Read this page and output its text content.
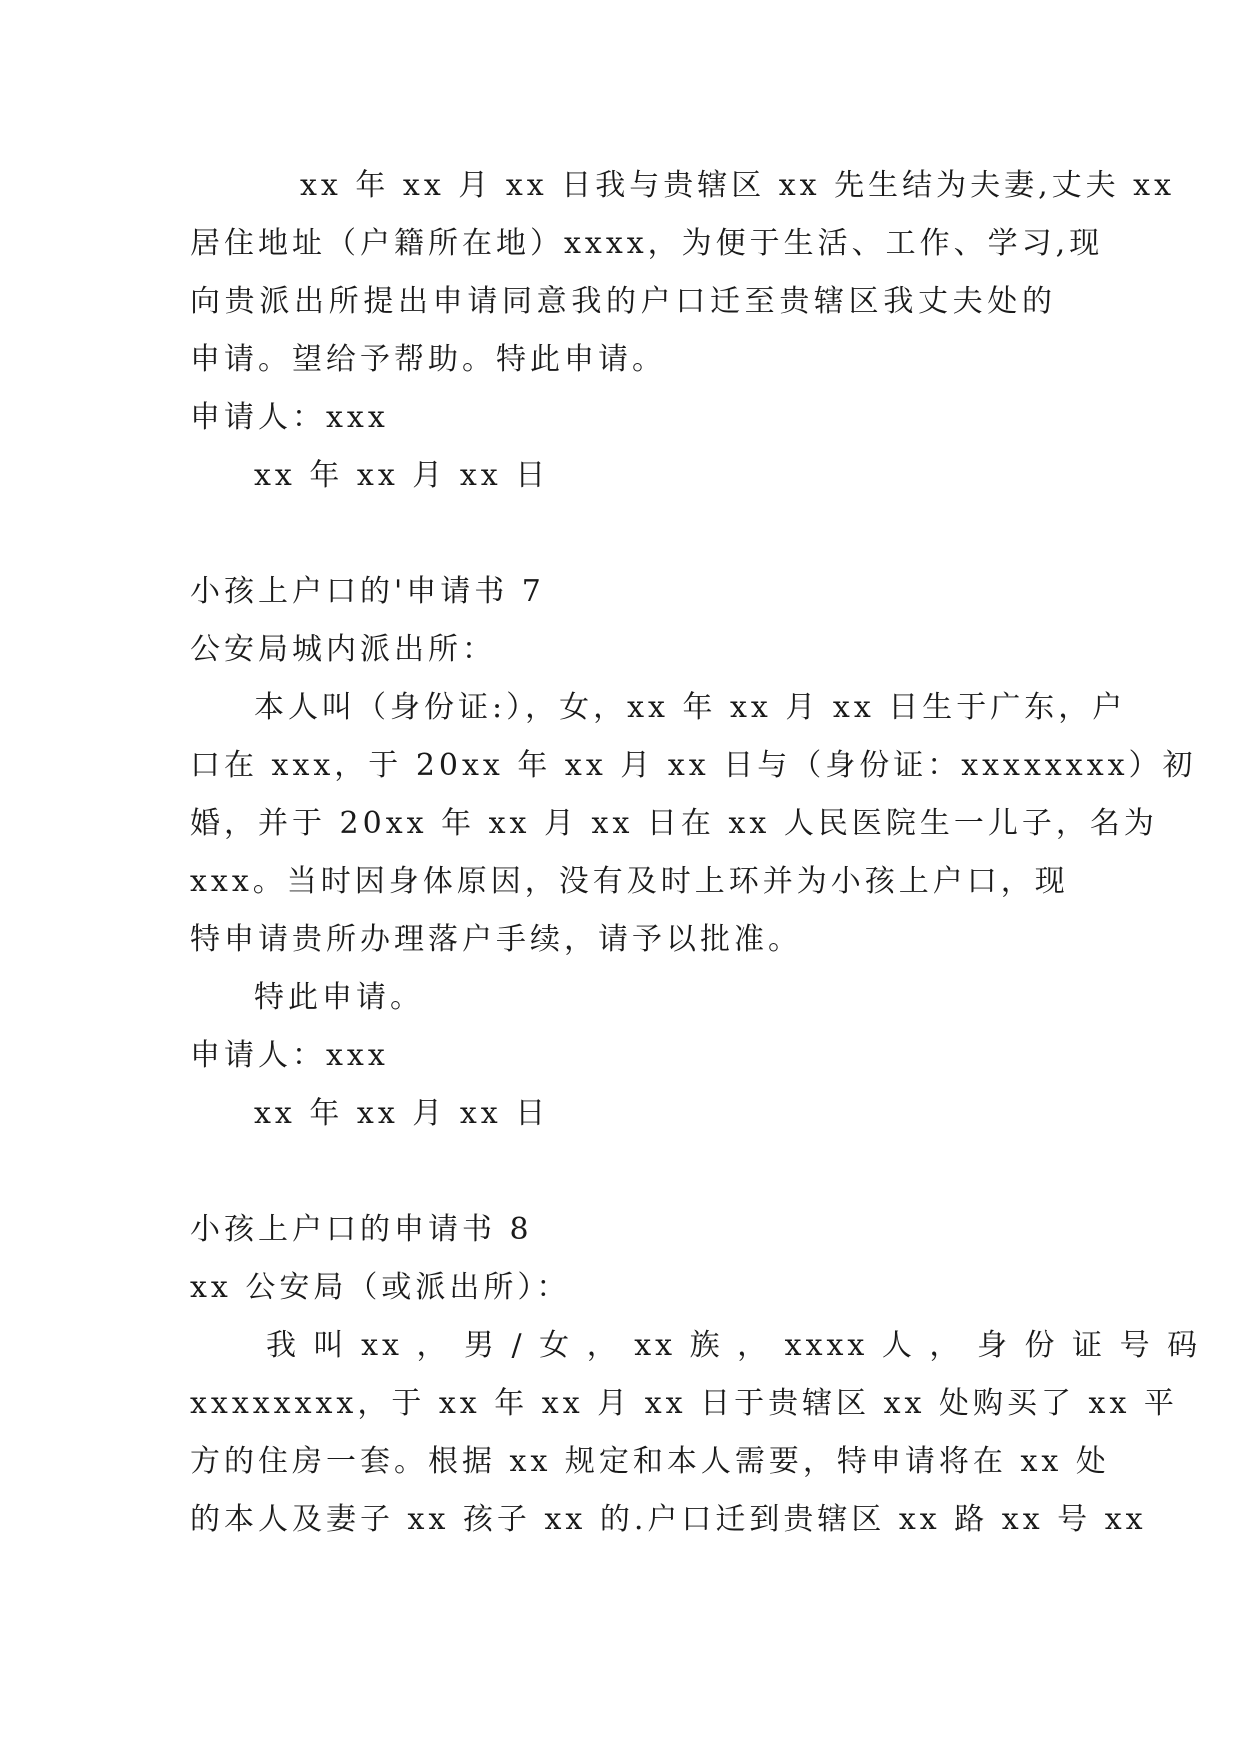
xx 年 xx 月 xx 日我与贵辖区 xx 先生结为夫妻,丈夫 xx
居住地址（户籍所在地）xxxx，为便于生活、工作、学习,现
向贵派出所提出申请同意我的户口迁至贵辖区我丈夫处的
申请。望给予帮助。特此申请。
申请人：xxx
xx 年 xx 月 xx 日
小孩上户口的'申请书 7
公安局城内派出所：
本人叫（身份证:），女，xx 年 xx 月 xx 日生于广东，户
口在 xxx，于 20xx 年 xx 月 xx 日与（身份证：xxxxxxxx）初
婚，并于 20xx 年 xx 月 xx 日在 xx 人民医院生一儿子，名为
xxx。当时因身体原因，没有及时上环并为小孩上户口，现
特申请贵所办理落户手续，请予以批准。
特此申请。
申请人：xxx
xx 年 xx 月 xx 日
小孩上户口的申请书 8
xx 公安局（或派出所）：
我 叫 xx ， 男 / 女 ， xx 族 ， xxxx 人 ， 身 份 证 号 码
xxxxxxxx，于 xx 年 xx 月 xx 日于贵辖区 xx 处购买了 xx 平
方的住房一套。根据 xx 规定和本人需要，特申请将在 xx 处
的本人及妻子 xx 孩子 xx 的.户口迁到贵辖区 xx 路 xx 号 xx
